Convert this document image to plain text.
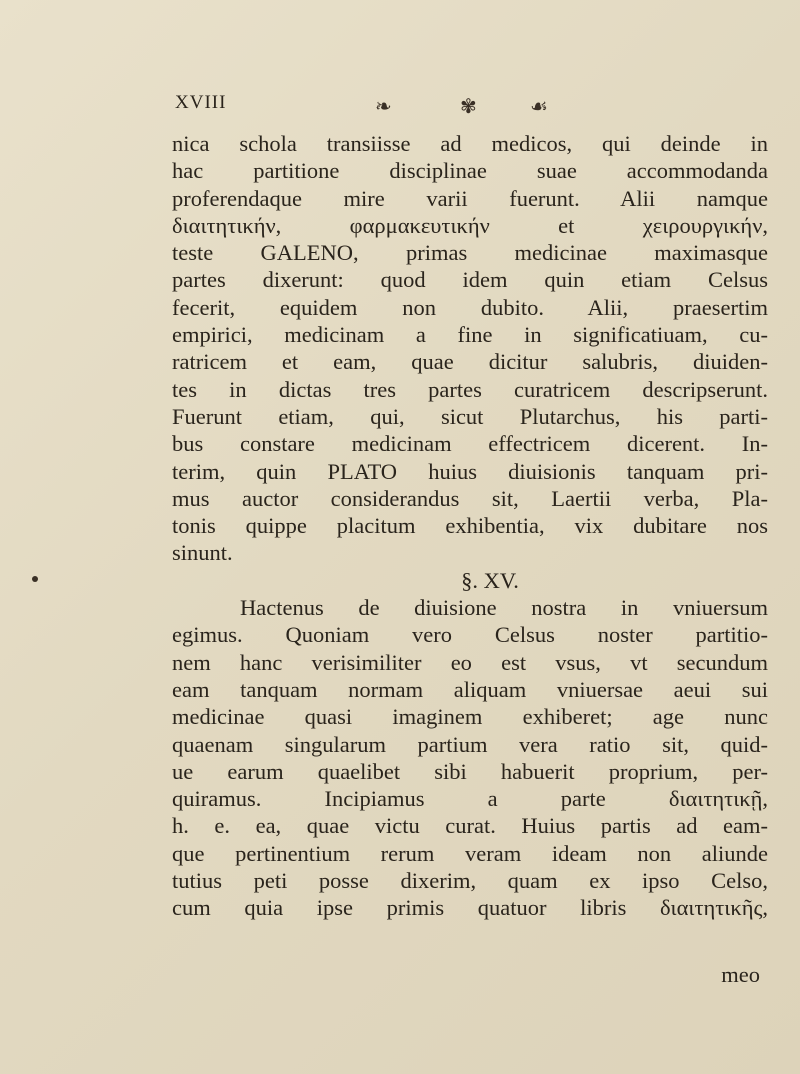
XVIII	❧	✾	☙
nica schola transiisse ad medicos, qui deinde in
hac partitione disciplinae suae accommodanda
proferendaque mire varii fuerunt. Alii namque
διαιτητικήν, φαρμακευτικήν et χειρουργικήν,
teste GALENO, primas medicinae maximasque
partes dixerunt: quod idem quin etiam Celsus
fecerit, equidem non dubito. Alii, praesertim
empirici, medicinam a fine in significatiuam, cu-
ratricem et eam, quae dicitur salubris, diuiden-
tes in dictas tres partes curatricem descripserunt.
Fuerunt etiam, qui, sicut Plutarchus, his parti-
bus constare medicinam effectricem dicerent. In-
terim, quin PLATO huius diuisionis tanquam pri-
mus auctor considerandus sit, Laertii verba, Pla-
tonis quippe placitum exhibentia, vix dubitare nos
sinunt.
§. XV.
Hactenus de diuisione nostra in vniuersum
egimus. Quoniam vero Celsus noster partitio-
nem hanc verisimiliter eo est vsus, vt secundum
eam tanquam normam aliquam vniuersae aeui sui
medicinae quasi imaginem exhiberet; age nunc
quaenam singularum partium vera ratio sit, quid-
ue earum quaelibet sibi habuerit proprium, per-
quiramus. Incipiamus a parte διαιτητικῇ,
h. e. ea, quae victu curat. Huius partis ad eam-
que pertinentium rerum veram ideam non aliunde
tutius peti posse dixerim, quam ex ipso Celso,
cum quia ipse primis quatuor libris διαιτητικῆς,
meo
